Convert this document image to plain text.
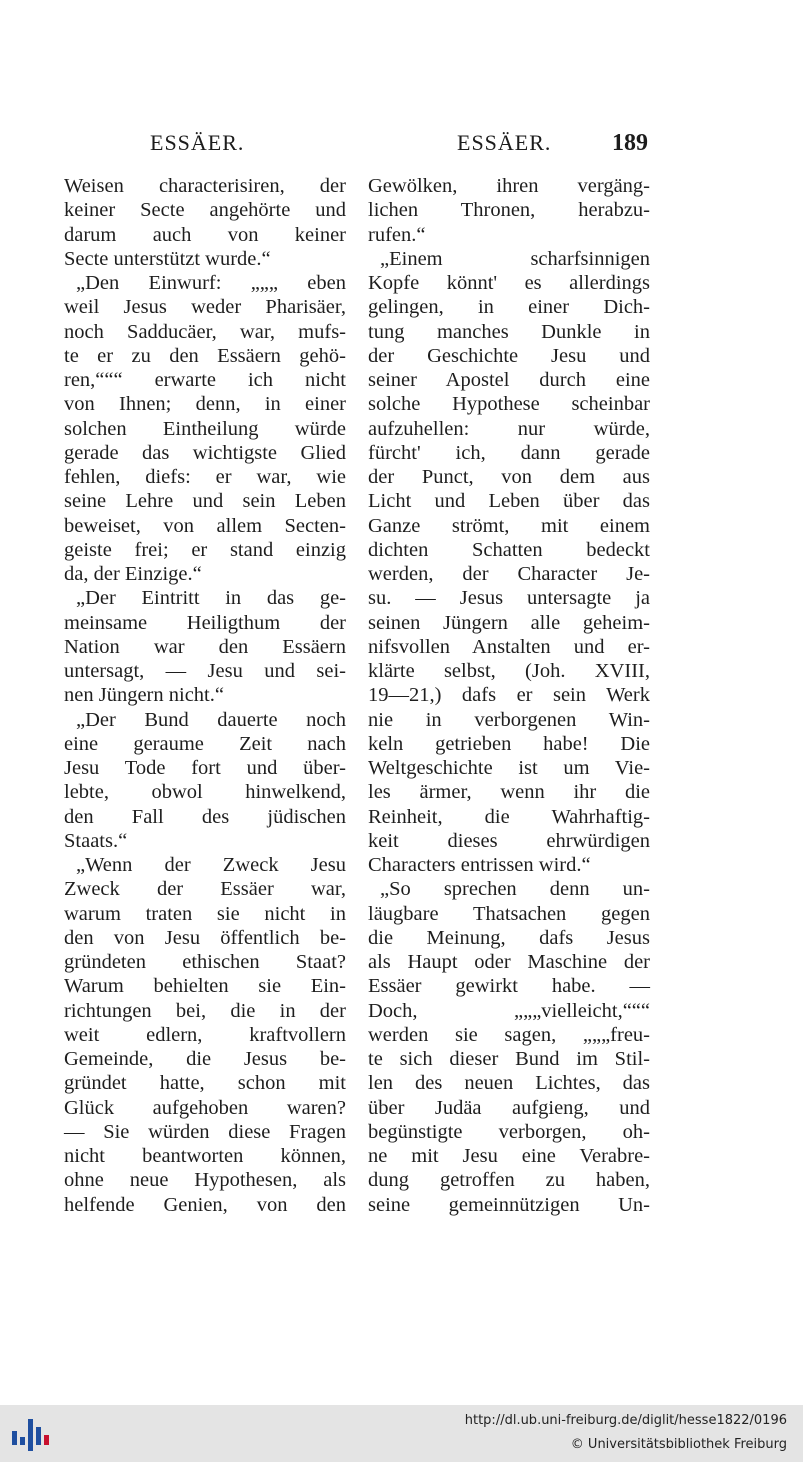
ESSÄER.	ESSÄER.	189
Weisen characterisiren, der
keiner Secte angehörte und
darum auch von keiner
Secte unterstützt wurde.“
„Den Einwurf: „„„ eben
weil Jesus weder Pharisäer,
noch Sadducäer, war, mufs-
te er zu den Essäern gehö-
ren,“““ erwarte ich nicht
von Ihnen; denn, in einer
solchen Eintheilung würde
gerade das wichtigste Glied
fehlen, diefs: er war, wie
seine Lehre und sein Leben
beweiset, von allem Secten-
geiste frei; er stand einzig
da, der Einzige.“
„Der Eintritt in das ge-
meinsame Heiligthum der
Nation war den Essäern
untersagt, — Jesu und sei-
nen Jüngern nicht.“
„Der Bund dauerte noch
eine geraume Zeit nach
Jesu Tode fort und über-
lebte, obwol hinwelkend,
den Fall des jüdischen
Staats.“
„Wenn der Zweck Jesu
Zweck der Essäer war,
warum traten sie nicht in
den von Jesu öffentlich be-
gründeten ethischen Staat?
Warum behielten sie Ein-
richtungen bei, die in der
weit edlern, kraftvollern
Gemeinde, die Jesus be-
gründet hatte, schon mit
Glück aufgehoben waren?
— Sie würden diese Fragen
nicht beantworten können,
ohne neue Hypothesen, als
helfende Genien, von den
Gewölken, ihren vergäng-
lichen Thronen, herabzu-
rufen.“
„Einem scharfsinnigen
Kopfe könnt' es allerdings
gelingen, in einer Dich-
tung manches Dunkle in
der Geschichte Jesu und
seiner Apostel durch eine
solche Hypothese scheinbar
aufzuhellen: nur würde,
fürcht' ich, dann gerade
der Punct, von dem aus
Licht und Leben über das
Ganze strömt, mit einem
dichten Schatten bedeckt
werden, der Character Je-
su. — Jesus untersagte ja
seinen Jüngern alle geheim-
nifsvollen Anstalten und er-
klärte selbst, (Joh. XVIII,
19—21,) dafs er sein Werk
nie in verborgenen Win-
keln getrieben habe! Die
Weltgeschichte ist um Vie-
les ärmer, wenn ihr die
Reinheit, die Wahrhaftig-
keit dieses ehrwürdigen
Characters entrissen wird.“
„So sprechen denn un-
läugbare Thatsachen gegen
die Meinung, dafs Jesus
als Haupt oder Maschine der
Essäer gewirkt habe. —
Doch, „„„vielleicht,“““
werden sie sagen, „„„freu-
te sich dieser Bund im Stil-
len des neuen Lichtes, das
über Judäa aufgieng, und
begünstigte verborgen, oh-
ne mit Jesu eine Verabre-
dung getroffen zu haben,
seine gemeinnützigen Un-
http://dl.ub.uni-freiburg.de/diglit/hesse1822/0196
© Universitätsbibliothek Freiburg
